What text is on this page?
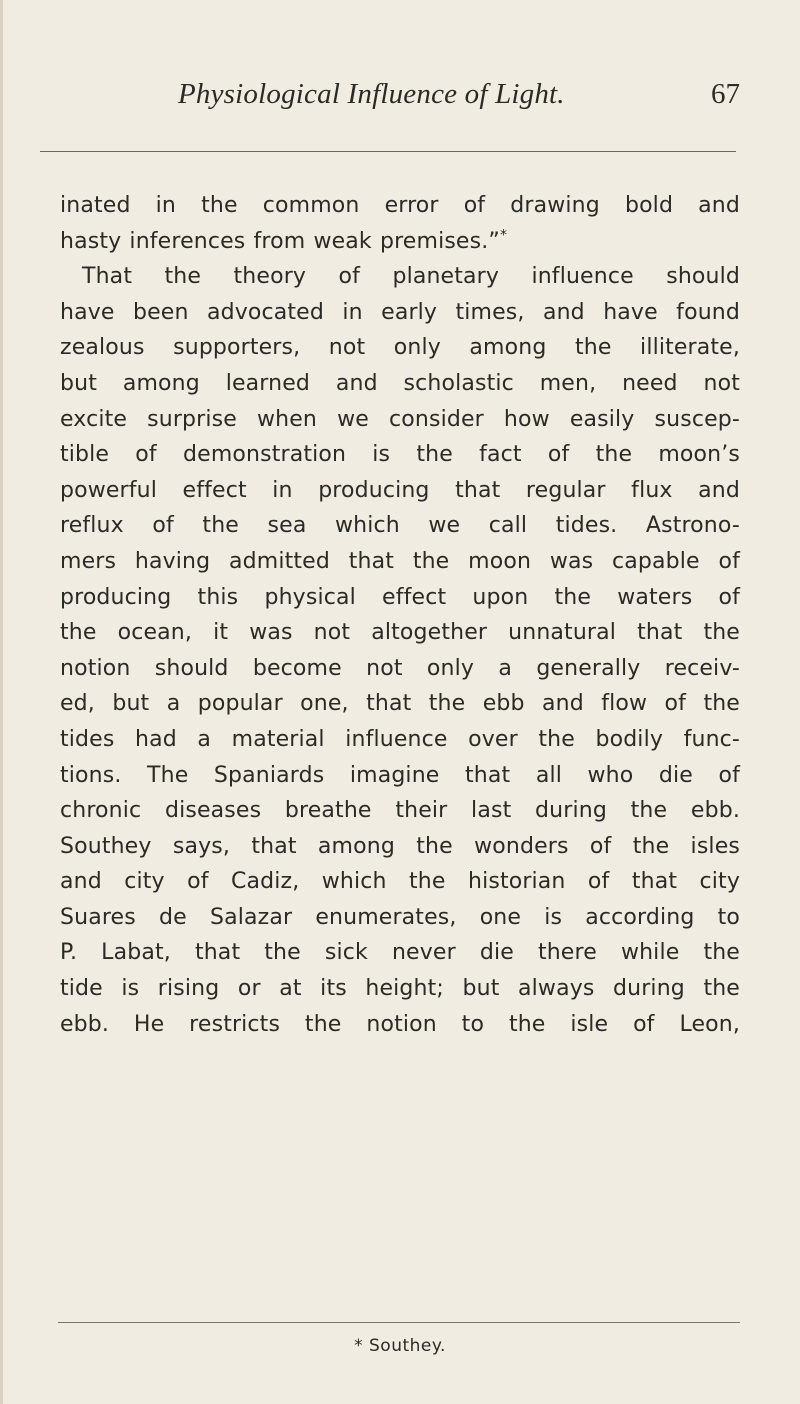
Physiological Influence of Light.	67
inated in the common error of drawing bold and
hasty inferences from weak premises.”*
That the theory of planetary influence should
have been advocated in early times, and have found
zealous supporters, not only among the illiterate,
but among learned and scholastic men, need not
excite surprise when we consider how easily suscep-
tible of demonstration is the fact of the moon’s
powerful effect in producing that regular flux and
reflux of the sea which we call tides. Astrono-
mers having admitted that the moon was capable of
producing this physical effect upon the waters of
the ocean, it was not altogether unnatural that the
notion should become not only a generally receiv-
ed, but a popular one, that the ebb and flow of the
tides had a material influence over the bodily func-
tions. The Spaniards imagine that all who die of
chronic diseases breathe their last during the ebb.
Southey says, that among the wonders of the isles
and city of Cadiz, which the historian of that city
Suares de Salazar enumerates, one is according to
P. Labat, that the sick never die there while the
tide is rising or at its height; but always during the
ebb. He restricts the notion to the isle of Leon,
* Southey.
